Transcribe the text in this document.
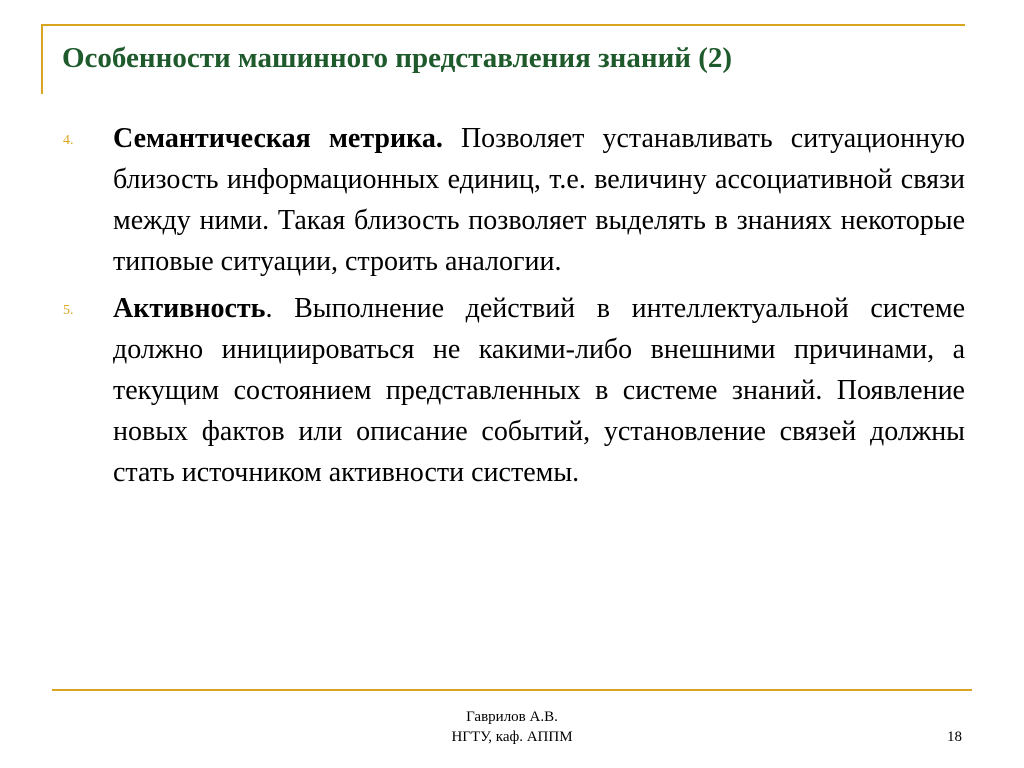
Особенности машинного представления знаний (2)
4. Семантическая метрика. Позволяет устанавливать ситуационную близость информационных единиц, т.е. величину ассоциативной связи между ними. Такая близость позволяет выделять в знаниях некоторые типовые ситуации, строить аналогии.

5. Активность. Выполнение действий в интеллектуальной системе должно инициироваться не какими-либо внешними причинами, а текущим состоянием представленных в системе знаний. Появление новых фактов или описание событий, установление связей должны стать источником активности системы.

Гаврилов А.В.
НГТУ, каф. АППМ	18
